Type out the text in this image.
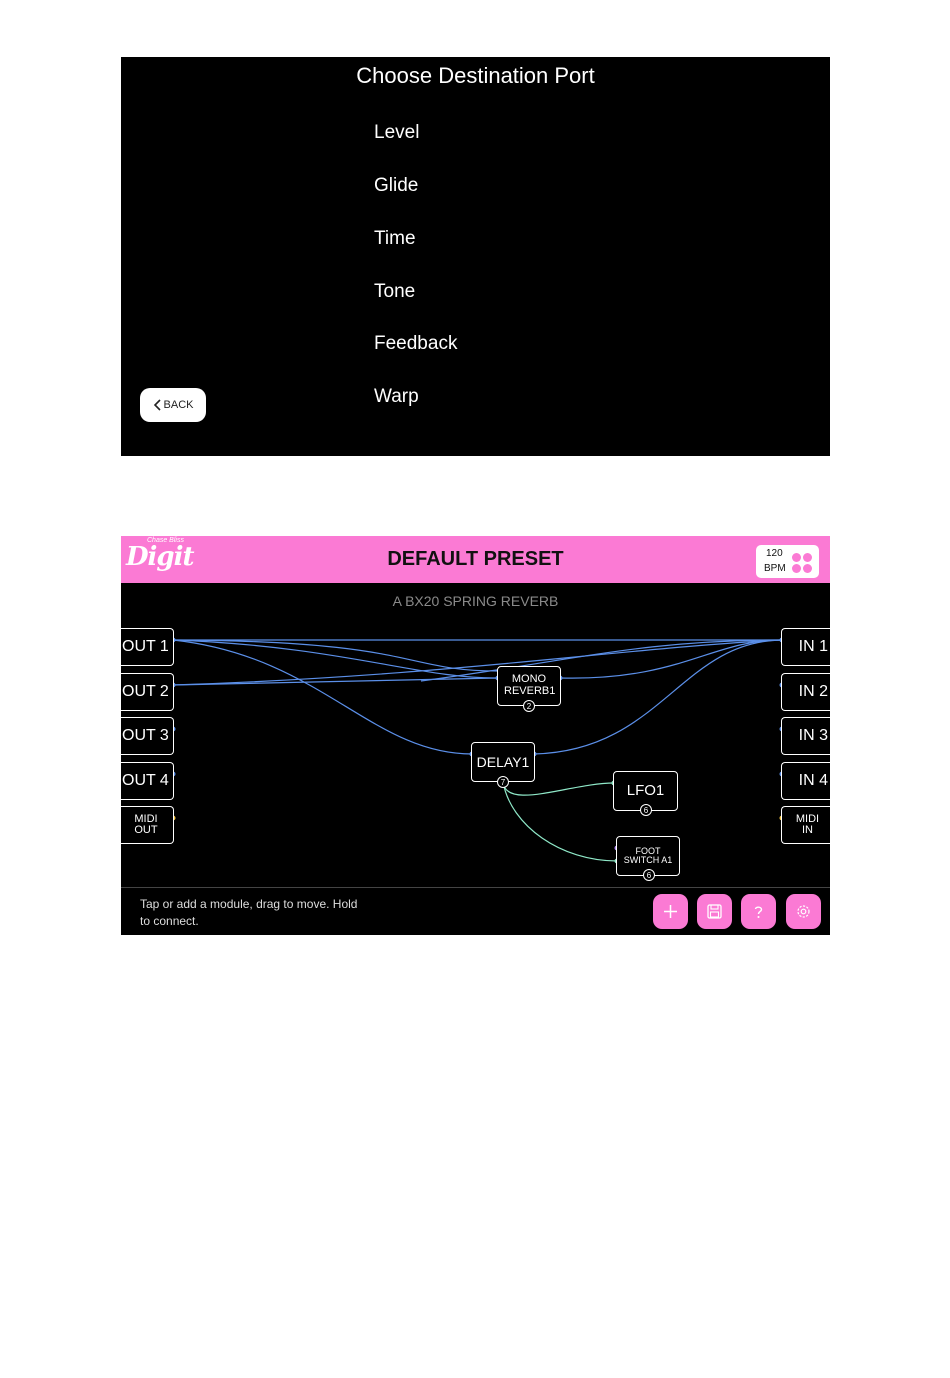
Choose Destination Port
Level
Glide
Time
Tone
Feedback
Warp
BACK
Chase Bliss
Digit	DEFAULT PRESET	120
BPM
A BX20 SPRING REVERB
OUT 1
OUT 2
OUT 3
OUT 4
MIDI OUT
IN 1
IN 2
IN 3
IN 4
MIDI IN
MONO REVERB1
2
DELAY1
7
LFO1
6
FOOT SWITCH A1
6
Tap or add a module, drag to move. Hold to connect.
